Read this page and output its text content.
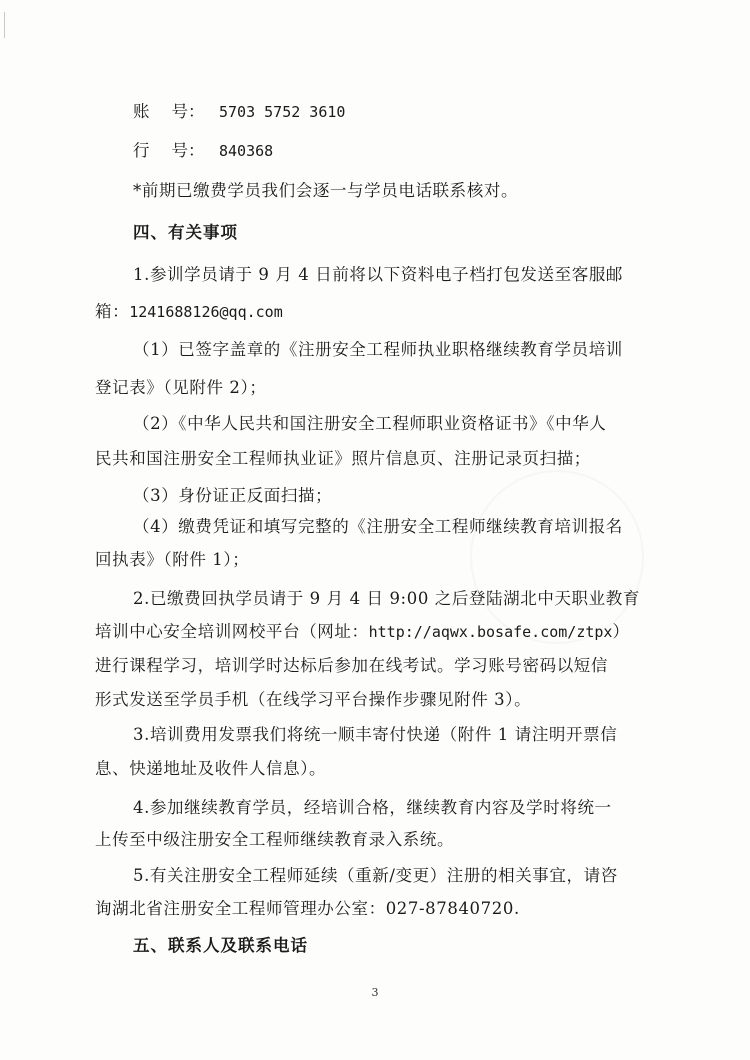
账 号： 5703 5752 3610
行 号： 840368
*前期已缴费学员我们会逐一与学员电话联系核对。
四、有关事项
1.参训学员请于 9 月 4 日前将以下资料电子档打包发送至客服邮
箱：1241688126@qq.com
（1）已签字盖章的《注册安全工程师执业职格继续教育学员培训
登记表》（见附件 2）；
（2）《中华人民共和国注册安全工程师职业资格证书》《中华人
民共和国注册安全工程师执业证》照片信息页、注册记录页扫描；
（3）身份证正反面扫描；
（4）缴费凭证和填写完整的《注册安全工程师继续教育培训报名
回执表》（附件 1）；
2.已缴费回执学员请于 9 月 4 日 9:00 之后登陆湖北中天职业教育
培训中心安全培训网校平台（网址：http://aqwx.bosafe.com/ztpx）
进行课程学习，培训学时达标后参加在线考试。学习账号密码以短信
形式发送至学员手机（在线学习平台操作步骤见附件 3）。
3.培训费用发票我们将统一顺丰寄付快递（附件 1 请注明开票信
息、快递地址及收件人信息）。
4.参加继续教育学员，经培训合格，继续教育内容及学时将统一
上传至中级注册安全工程师继续教育录入系统。
5.有关注册安全工程师延续（重新/变更）注册的相关事宜，请咨
询湖北省注册安全工程师管理办公室：027-87840720.
五、联系人及联系电话
3
